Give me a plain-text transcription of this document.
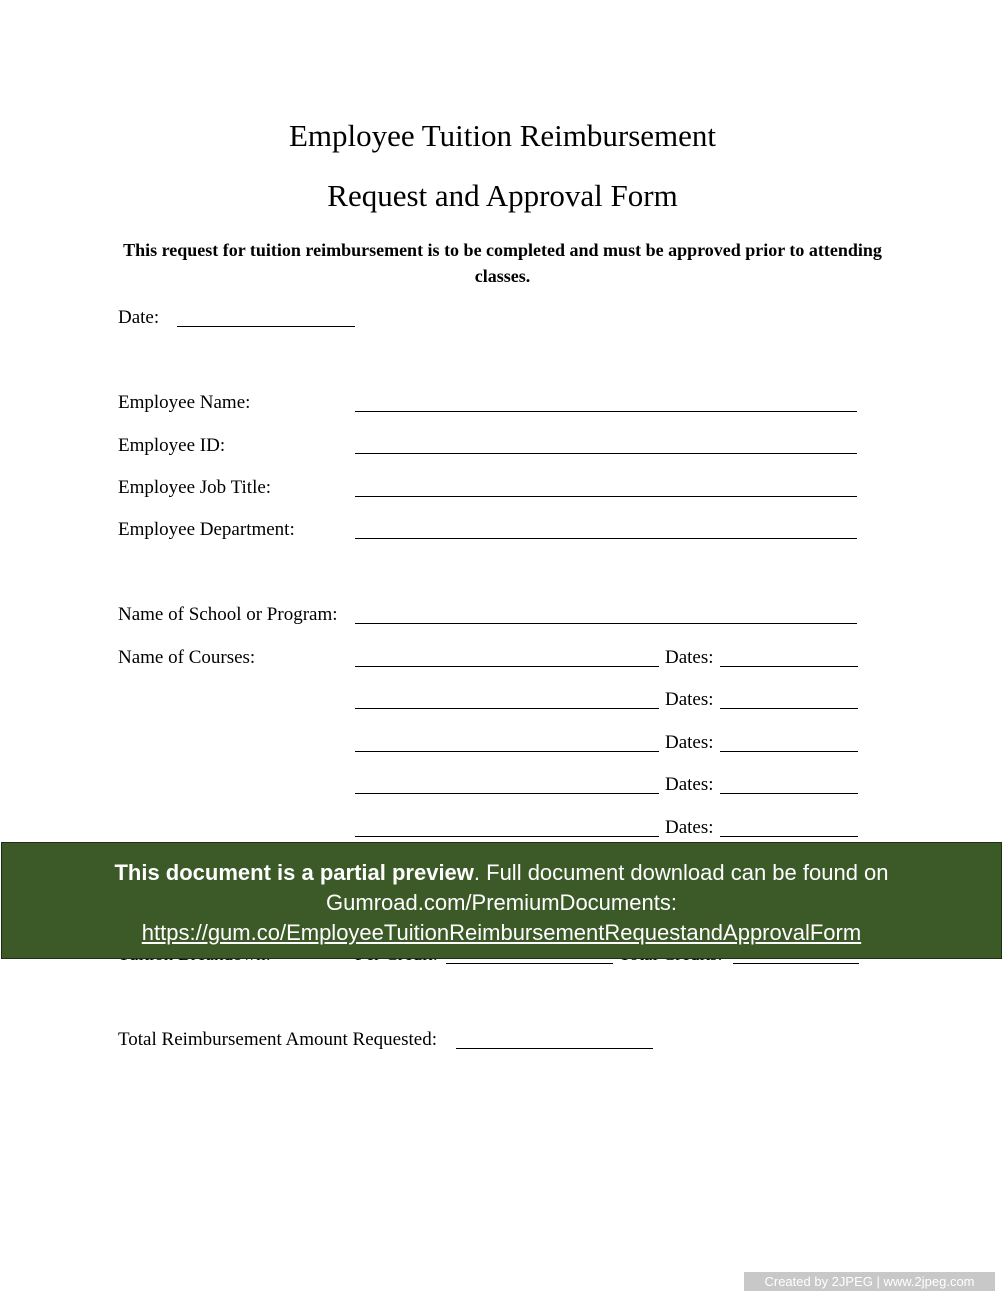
Employee Tuition Reimbursement
Request and Approval Form
This request for tuition reimbursement is to be completed and must be approved prior to attending classes.
Date:
Employee Name:
Employee ID:
Employee Job Title:
Employee Department:
Name of School or Program:
Name of Courses:	Dates:
Dates:
Dates:
Dates:
Dates:
This document is a partial preview. Full document download can be found on
Gumroad.com/PremiumDocuments:
https://gum.co/EmployeeTuitionReimbursementRequestandApprovalForm
Total Reimbursement Amount Requested:
Created by 2JPEG | www.2jpeg.com
